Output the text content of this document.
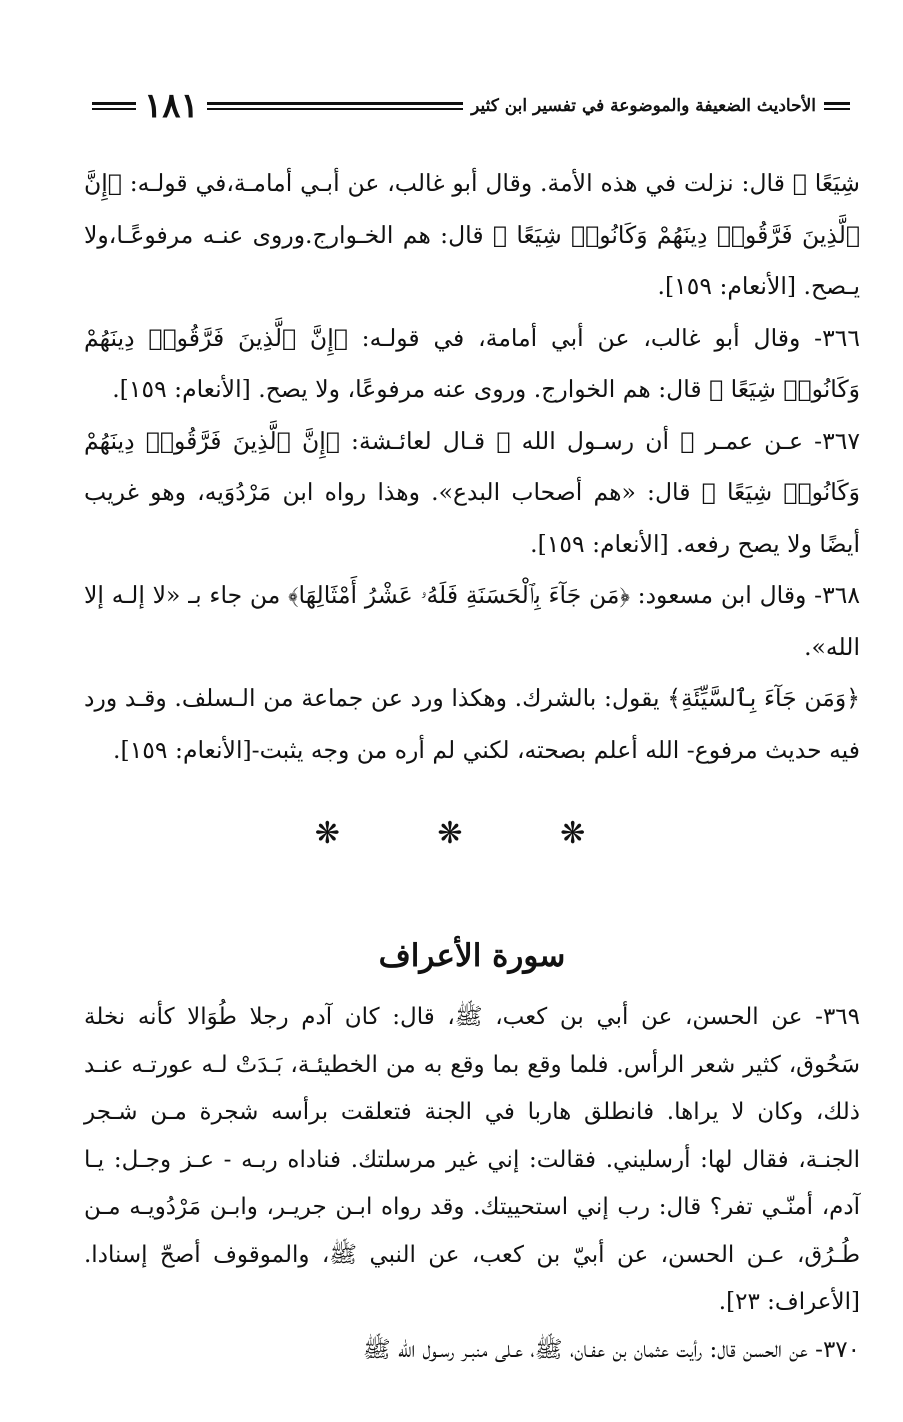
الأحاديث الضعيفة والموضوعة في تفسير ابن كثير
١٨١

شِيَعًا ﴾ قال: نزلت في هذه الأمة. وقال أبو غالب، عن أبـي أمامـة،في قولـه: ﴿إِنَّ ٱلَّذِينَ فَرَّقُوا۟ دِينَهُمْ وَكَانُوا۟ شِيَعًا ﴾ قال: هم الخـوارج.وروى عنـه مرفوعًـا،ولا يـصح. [الأنعام: ١٥٩].

٣٦٦- وقال أبو غالب، عن أبي أمامة، في قولـه: ﴿إِنَّ ٱلَّذِينَ فَرَّقُوا۟ دِينَهُمْ وَكَانُوا۟ شِيَعًا ﴾ قال: هم الخوارج. وروى عنه مرفوعًا، ولا يصح. [الأنعام: ١٥٩].

٣٦٧- عـن عمـر ﷺ أن رسـول الله ﷺ قـال لعائـشة: ﴿إِنَّ ٱلَّذِينَ فَرَّقُوا۟ دِينَهُمْ وَكَانُوا۟ شِيَعًا ﴾ قال: «هم أصحاب البدع». وهذا رواه ابن مَرْدُوَيه، وهو غريب أيضًا ولا يصح رفعه. [الأنعام: ١٥٩].

٣٦٨- وقال ابن مسعود: ﴿مَن جَآءَ بِٱلْحَسَنَةِ فَلَهُۥ عَشْرُ أَمْثَالِهَا﴾ من جاء بـ «لا إلـه إلا الله».

﴿وَمَن جَآءَ بِٱلسَّيِّئَةِ﴾ يقول: بالشرك. وهكذا ورد عن جماعة من الـسلف. وقـد ورد فيه حديث مرفوع- الله أعلم بصحته، لكني لم أره من وجه يثبت-[الأنعام: ١٥٩].

❋ ❋ ❋
سورة الأعراف

٣٦٩- عن الحسن، عن أبي بن كعب، ﷺ، قال: كان آدم رجلا طُوَالا كأنه نخلة سَحُوق، كثير شعر الرأس. فلما وقع بما وقع به من الخطيئـة، بَـدَتْ لـه عورتـه عنـد ذلك، وكان لا يراها. فانطلق هاربا في الجنة فتعلقت برأسه شجرة مـن شـجر الجنـة، فقال لها: أرسليني. فقالت: إني غير مرسلتك. فناداه ربـه - عـز وجـل: يـا آدم، أمنّـي تفر؟ قال: رب إني استحييتك. وقد رواه ابـن جريـر، وابـن مَرْدُويـه مـن طُـرُق، عـن الحسن، عن أبيّ بن كعب، عن النبي ﷺ، والموقوف أصحّ إسنادا. [الأعراف: ٢٣].

٣٧٠- عن الحسن قال: رأيت عثمان بن عفـان، ﷺ، عـلى منبـر رسـول الله ﷺ
